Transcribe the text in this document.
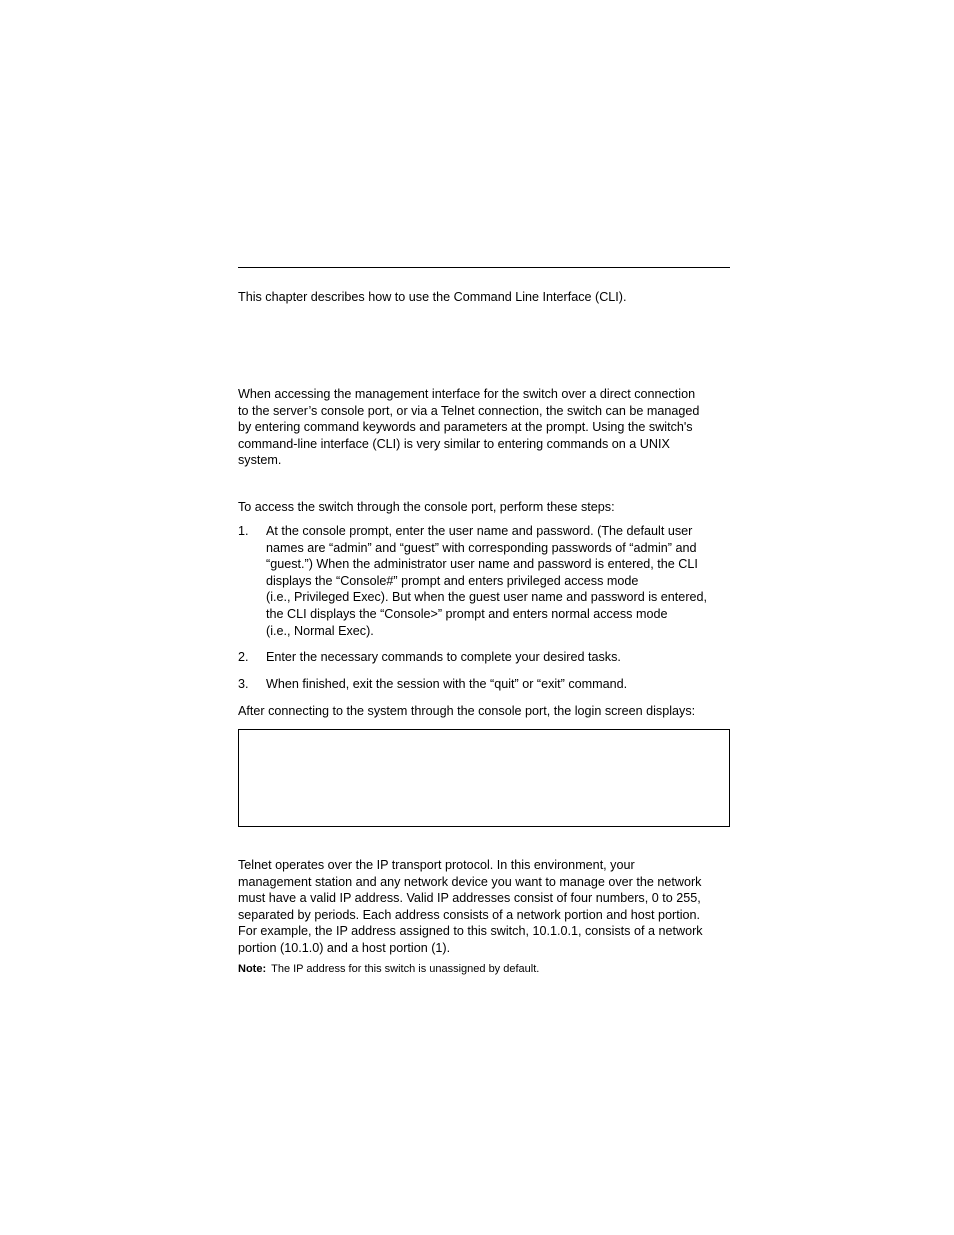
This chapter describes how to use the Command Line Interface (CLI).

When accessing the management interface for the switch over a direct connection
to the server’s console port, or via a Telnet connection, the switch can be managed
by entering command keywords and parameters at the prompt. Using the switch's
command-line interface (CLI) is very similar to entering commands on a UNIX
system.

To access the switch through the console port, perform these steps:

1.	At the console prompt, enter the user name and password. (The default user
names are “admin” and “guest” with corresponding passwords of “admin” and
“guest.”) When the administrator user name and password is entered, the CLI
displays the “Console#” prompt and enters privileged access mode
(i.e., Privileged Exec). But when the guest user name and password is entered,
the CLI displays the “Console>” prompt and enters normal access mode
(i.e., Normal Exec).
2.	Enter the necessary commands to complete your desired tasks.
3.	When finished, exit the session with the “quit” or “exit” command.

After connecting to the system through the console port, the login screen displays:

Telnet operates over the IP transport protocol. In this environment, your
management station and any network device you want to manage over the network
must have a valid IP address. Valid IP addresses consist of four numbers, 0 to 255,
separated by periods. Each address consists of a network portion and host portion.
For example, the IP address assigned to this switch, 10.1.0.1, consists of a network
portion (10.1.0) and a host portion (1).

Note: The IP address for this switch is unassigned by default.
